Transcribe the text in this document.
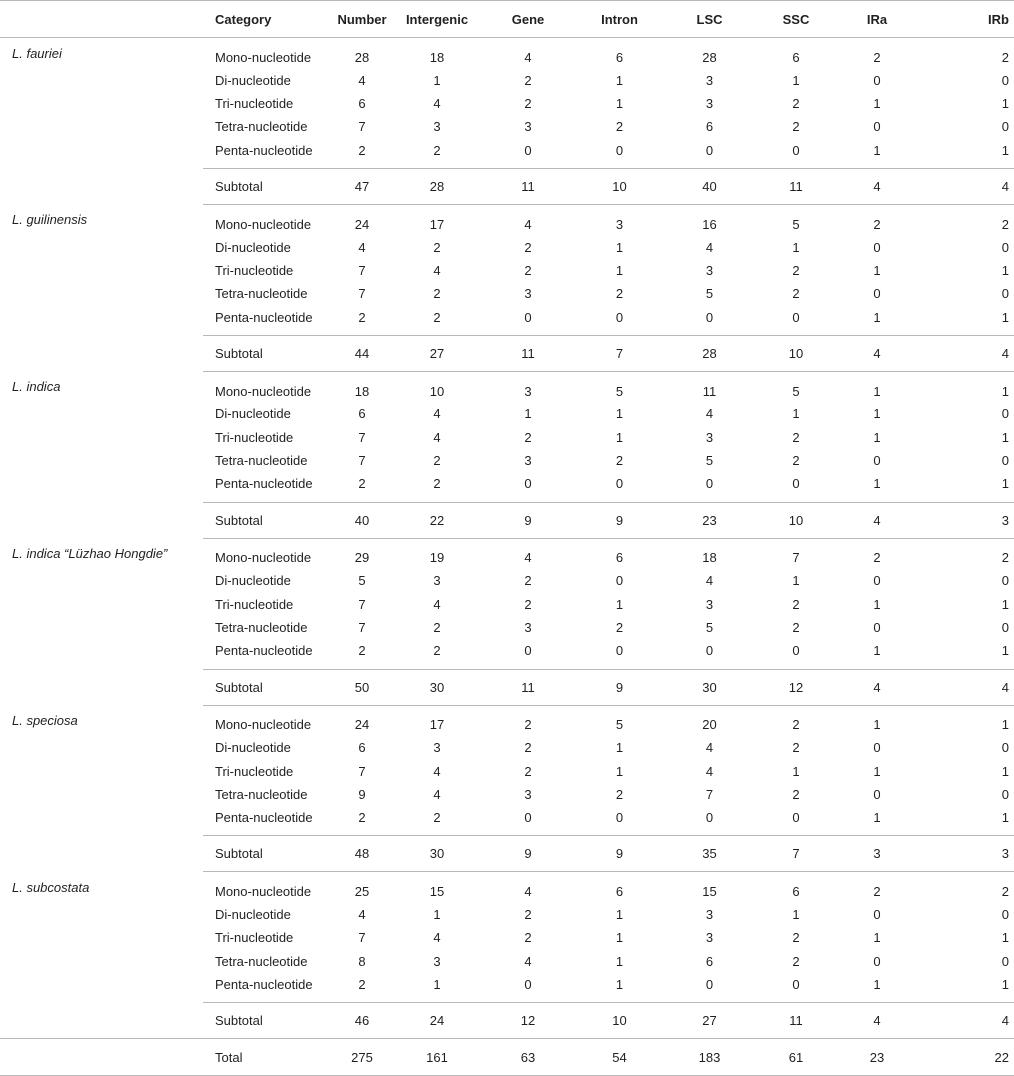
	Category	Number	Intergenic	Gene	Intron	LSC	SSC	IRa	IRb
L. fauriei	Mono-nucleotide	28	18	4	6	28	6	2	2
	Di-nucleotide	4	1	2	1	3	1	0	0
	Tri-nucleotide	6	4	2	1	3	2	1	1
	Tetra-nucleotide	7	3	3	2	6	2	0	0
	Penta-nucleotide	2	2	0	0	0	0	1	1
	Subtotal	47	28	11	10	40	11	4	4
L. guilinensis	Mono-nucleotide	24	17	4	3	16	5	2	2
	Di-nucleotide	4	2	2	1	4	1	0	0
	Tri-nucleotide	7	4	2	1	3	2	1	1
	Tetra-nucleotide	7	2	3	2	5	2	0	0
	Penta-nucleotide	2	2	0	0	0	0	1	1
	Subtotal	44	27	11	7	28	10	4	4
L. indica	Mono-nucleotide	18	10	3	5	11	5	1	1
	Di-nucleotide	6	4	1	1	4	1	1	0
	Tri-nucleotide	7	4	2	1	3	2	1	1
	Tetra-nucleotide	7	2	3	2	5	2	0	0
	Penta-nucleotide	2	2	0	0	0	0	1	1
	Subtotal	40	22	9	9	23	10	4	3
L. indica “Lüzhao Hongdie”	Mono-nucleotide	29	19	4	6	18	7	2	2
	Di-nucleotide	5	3	2	0	4	1	0	0
	Tri-nucleotide	7	4	2	1	3	2	1	1
	Tetra-nucleotide	7	2	3	2	5	2	0	0
	Penta-nucleotide	2	2	0	0	0	0	1	1
	Subtotal	50	30	11	9	30	12	4	4
L. speciosa	Mono-nucleotide	24	17	2	5	20	2	1	1
	Di-nucleotide	6	3	2	1	4	2	0	0
	Tri-nucleotide	7	4	2	1	4	1	1	1
	Tetra-nucleotide	9	4	3	2	7	2	0	0
	Penta-nucleotide	2	2	0	0	0	0	1	1
	Subtotal	48	30	9	9	35	7	3	3
L. subcostata	Mono-nucleotide	25	15	4	6	15	6	2	2
	Di-nucleotide	4	1	2	1	3	1	0	0
	Tri-nucleotide	7	4	2	1	3	2	1	1
	Tetra-nucleotide	8	3	4	1	6	2	0	0
	Penta-nucleotide	2	1	0	1	0	0	1	1
	Subtotal	46	24	12	10	27	11	4	4
	Total	275	161	63	54	183	61	23	22
